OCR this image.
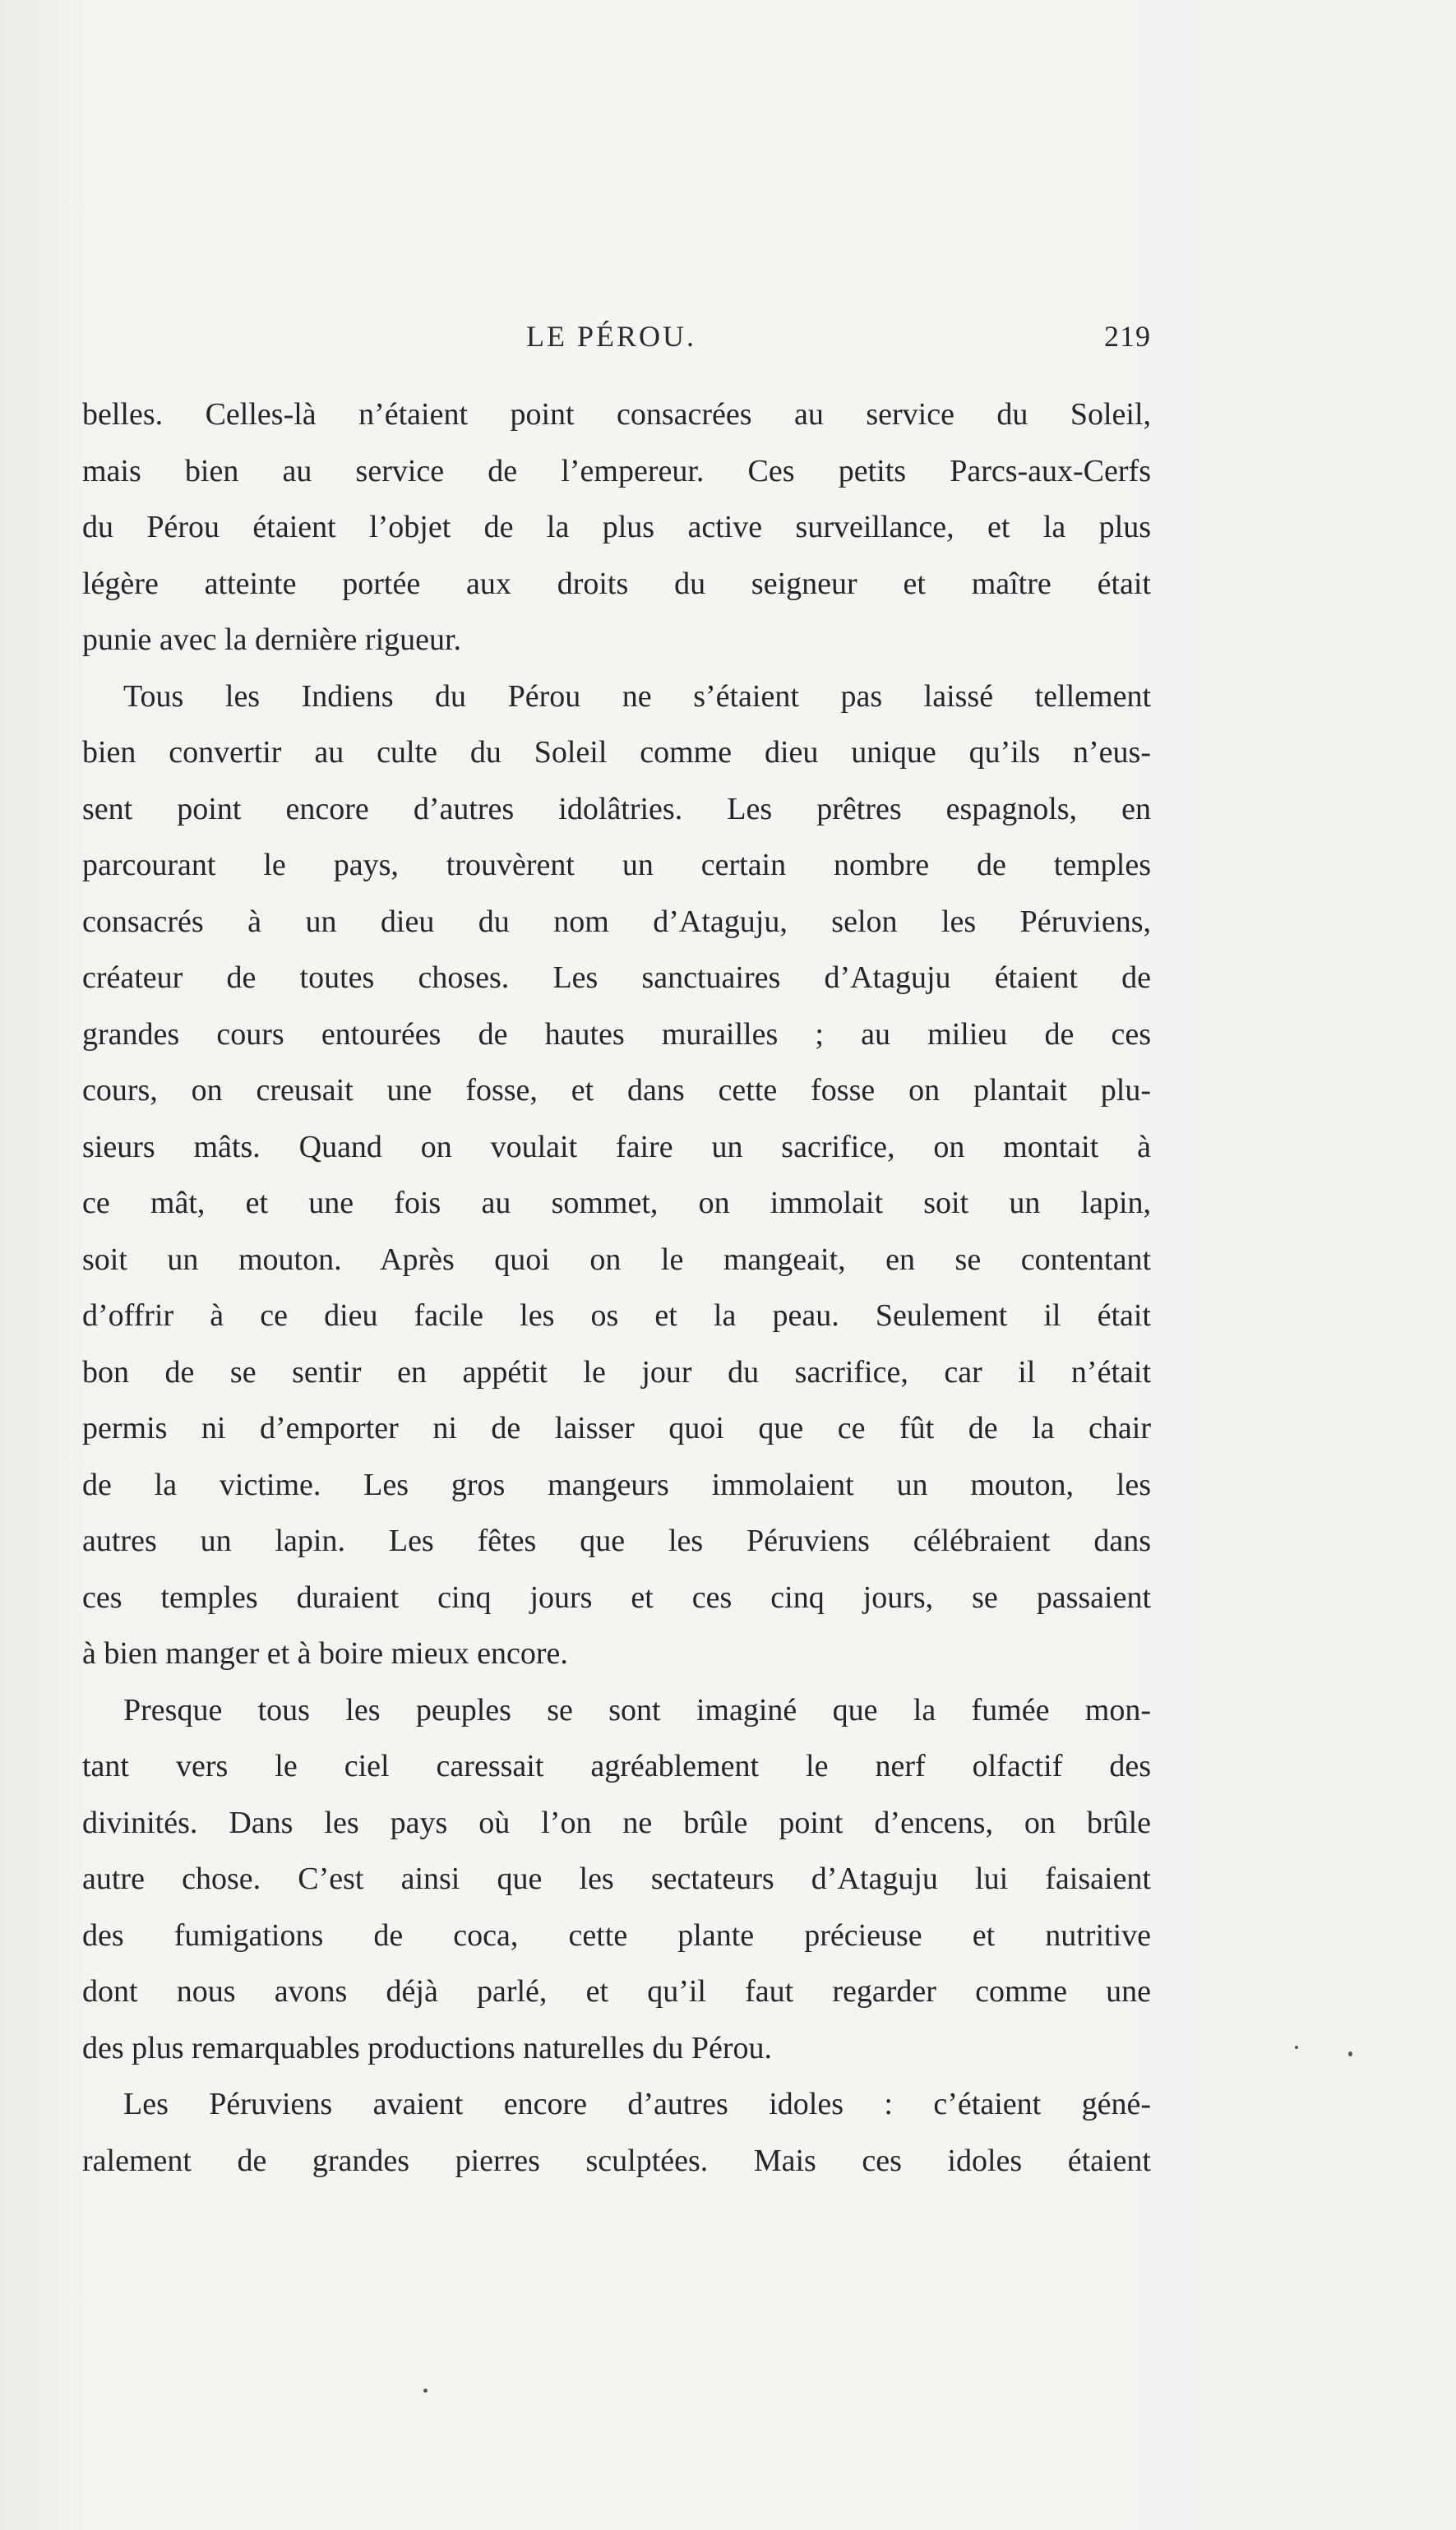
LE PÉROU.	219
belles. Celles-là n’étaient point consacrées au service du Soleil,
mais bien au service de l’empereur. Ces petits Parcs-aux-Cerfs
du Pérou étaient l’objet de la plus active surveillance, et la plus
légère atteinte portée aux droits du seigneur et maître était
punie avec la dernière rigueur.
Tous les Indiens du Pérou ne s’étaient pas laissé tellement
bien convertir au culte du Soleil comme dieu unique qu’ils n’eus-
sent point encore d’autres idolâtries. Les prêtres espagnols, en
parcourant le pays, trouvèrent un certain nombre de temples
consacrés à un dieu du nom d’Ataguju, selon les Péruviens,
créateur de toutes choses. Les sanctuaires d’Ataguju étaient de
grandes cours entourées de hautes murailles ; au milieu de ces
cours, on creusait une fosse, et dans cette fosse on plantait plu-
sieurs mâts. Quand on voulait faire un sacrifice, on montait à
ce mât, et une fois au sommet, on immolait soit un lapin,
soit un mouton. Après quoi on le mangeait, en se contentant
d’offrir à ce dieu facile les os et la peau. Seulement il était
bon de se sentir en appétit le jour du sacrifice, car il n’était
permis ni d’emporter ni de laisser quoi que ce fût de la chair
de la victime. Les gros mangeurs immolaient un mouton, les
autres un lapin. Les fêtes que les Péruviens célébraient dans
ces temples duraient cinq jours et ces cinq jours, se passaient
à bien manger et à boire mieux encore.
Presque tous les peuples se sont imaginé que la fumée mon-
tant vers le ciel caressait agréablement le nerf olfactif des
divinités. Dans les pays où l’on ne brûle point d’encens, on brûle
autre chose. C’est ainsi que les sectateurs d’Ataguju lui faisaient
des fumigations de coca, cette plante précieuse et nutritive
dont nous avons déjà parlé, et qu’il faut regarder comme une
des plus remarquables productions naturelles du Pérou.
Les Péruviens avaient encore d’autres idoles : c’étaient géné-
ralement de grandes pierres sculptées. Mais ces idoles étaient
